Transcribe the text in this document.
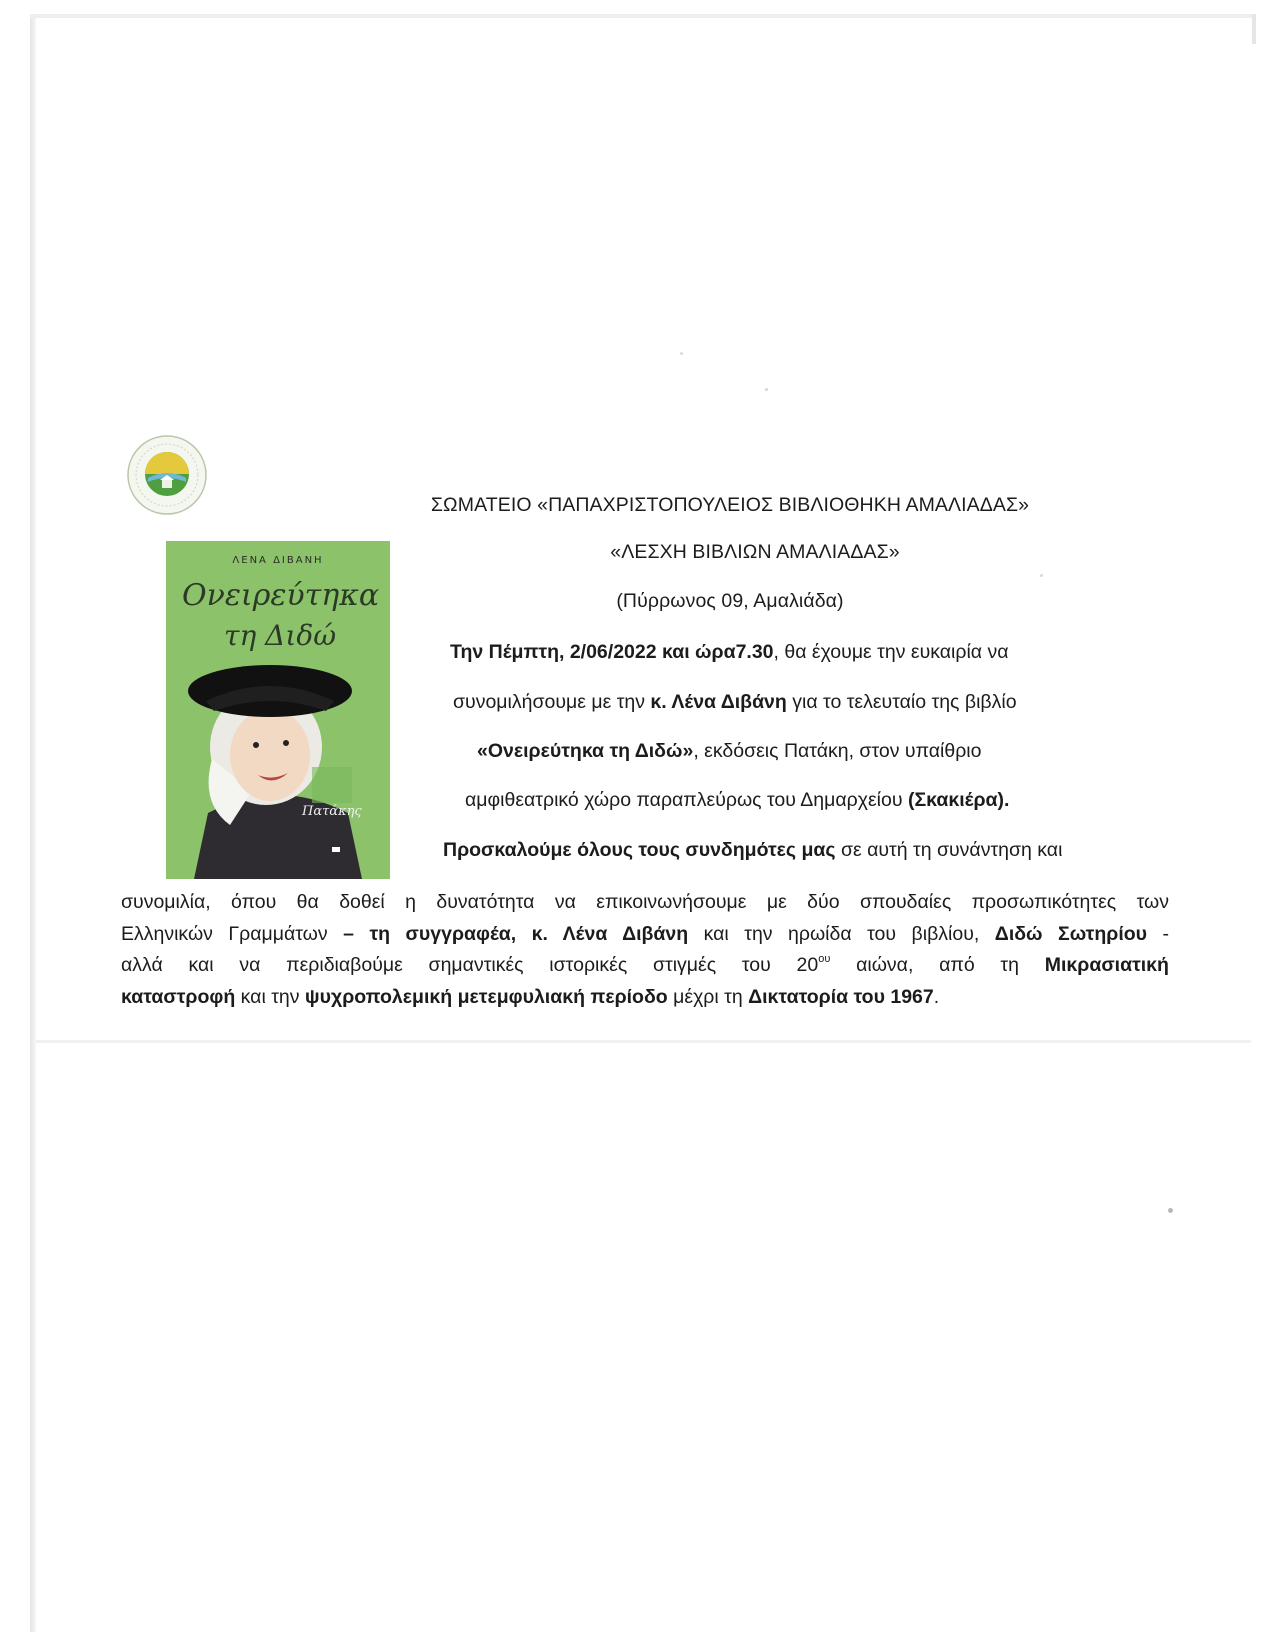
ΣΩΜΑΤΕΙΟ «ΠΑΠΑΧΡΙΣΤΟΠΟΥΛΕΙΟΣ ΒΙΒΛΙΟΘΗΚΗ ΑΜΑΛΙΑΔΑΣ»
«ΛΕΣΧΗ ΒΙΒΛΙΩΝ ΑΜΑΛΙΑΔΑΣ»
(Πύρρωνος 09, Αμαλιάδα)
ΛΕΝΑ ΔΙΒΑΝΗ
Ονειρεύτηκα
τη Διδώ
Πατάκης
Την Πέμπτη, 2/06/2022 και ώρα7.30, θα έχουμε την ευκαιρία να
συνομιλήσουμε με την κ. Λένα Διβάνη για το τελευταίο της βιβλίο
«Ονειρεύτηκα τη Διδώ», εκδόσεις Πατάκη, στον υπαίθριο
αμφιθεατρικό χώρο παραπλεύρως του Δημαρχείου (Σκακιέρα).
Προσκαλούμε όλους τους συνδημότες μας σε αυτή τη συνάντηση και
συνομιλία, όπου θα δοθεί η δυνατότητα να επικοινωνήσουμε με δύο σπουδαίες προσωπικότητες των
Ελληνικών Γραμμάτων – τη συγγραφέα, κ. Λένα Διβάνη και την ηρωίδα του βιβλίου, Διδώ Σωτηρίου -
αλλά και να περιδιαβούμε σημαντικές ιστορικές στιγμές του $20^{o\upsilon}$ αιώνα, από τη Μικρασιατική
καταστροφή και την ψυχροπολεμική μετεμφυλιακή περίοδο μέχρι τη Δικτατορία του 1967.
